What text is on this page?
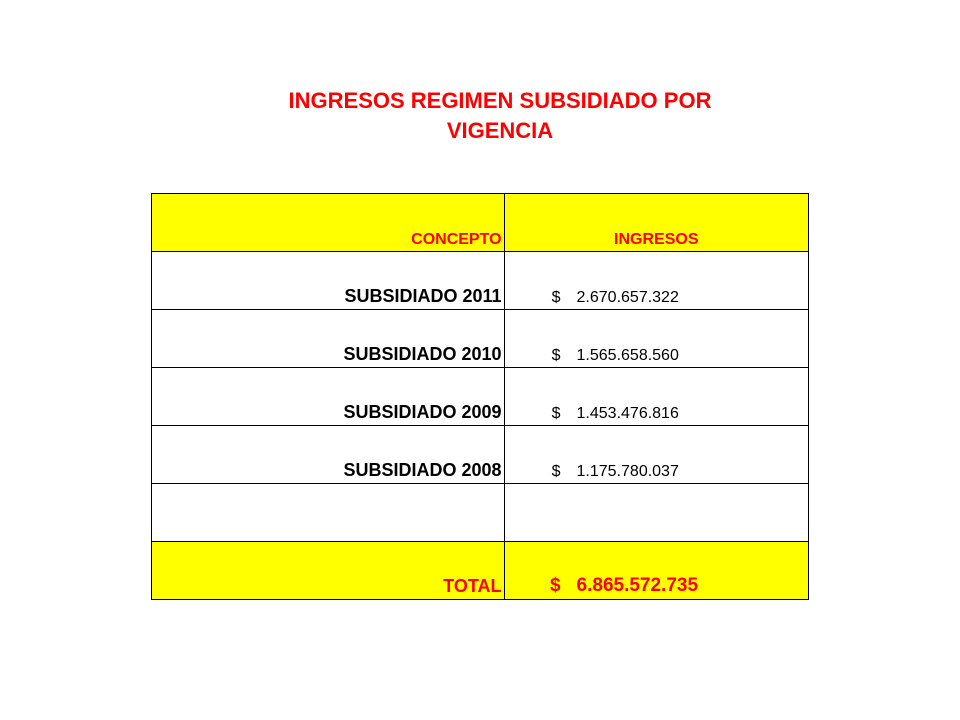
INGRESOS REGIMEN SUBSIDIADO POR
VIGENCIA
CONCEPTO	INGRESOS
SUBSIDIADO 2011	$ 2.670.657.322
SUBSIDIADO 2010	$ 1.565.658.560
SUBSIDIADO 2009	$ 1.453.476.816
SUBSIDIADO 2008	$ 1.175.780.037

TOTAL	$ 6.865.572.735
